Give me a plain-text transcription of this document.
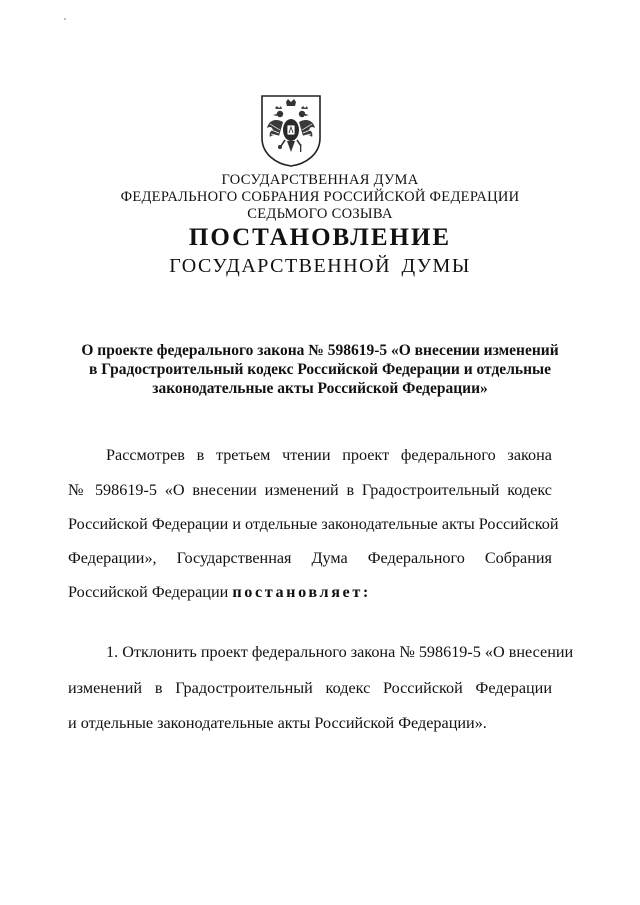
ГОСУДАРСТВЕННАЯ ДУМА
ФЕДЕРАЛЬНОГО СОБРАНИЯ РОССИЙСКОЙ ФЕДЕРАЦИИ
СЕДЬМОГО СОЗЫВА
ПОСТАНОВЛЕНИЕ
ГОСУДАРСТВЕННОЙ ДУМЫ
О проекте федерального закона № 598619-5 «О внесении изменений
в Градостроительный кодекс Российской Федерации и отдельные
законодательные акты Российской Федерации»
Рассмотрев в третьем чтении проект федерального закона
№ 598619-5 «О внесении изменений в Градостроительный кодекс
Российской Федерации и отдельные законодательные акты Российской
Федерации», Государственная Дума Федерального Собрания
Российской Федерации постановляет:
1. Отклонить проект федерального закона № 598619-5 «О внесении
изменений в Градостроительный кодекс Российской Федерации
и отдельные законодательные акты Российской Федерации».
